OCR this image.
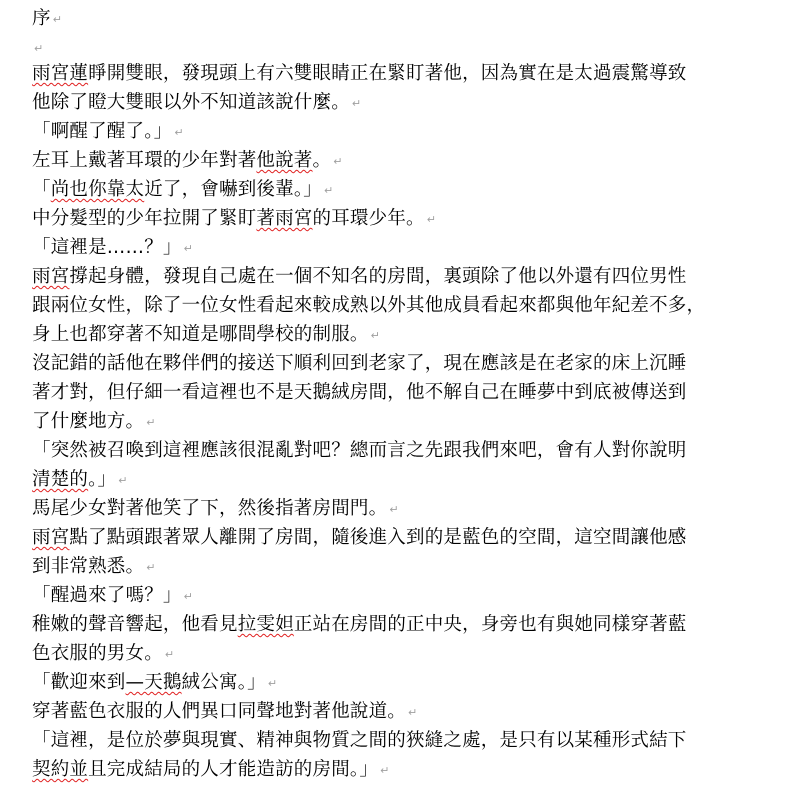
序 ↵
↵
雨宮蓮睜開雙眼，發現頭上有六雙眼睛正在緊盯著他，因為實在是太過震驚導致
他除了瞪大雙眼以外不知道該說什麼。 ↵
「啊醒了醒了。」 ↵
左耳上戴著耳環的少年對著他說著。 ↵
「尚也你靠太近了，會嚇到後輩。」 ↵
中分髮型的少年拉開了緊盯著雨宮的耳環少年。 ↵
「這裡是……？」 ↵
雨宮撐起身體，發現自己處在一個不知名的房間，裏頭除了他以外還有四位男性
跟兩位女性，除了一位女性看起來較成熟以外其他成員看起來都與他年紀差不多，
身上也都穿著不知道是哪間學校的制服。 ↵
沒記錯的話他在夥伴們的接送下順利回到老家了，現在應該是在老家的床上沉睡
著才對，但仔細一看這裡也不是天鵝絨房間，他不解自己在睡夢中到底被傳送到
了什麼地方。 ↵
「突然被召喚到這裡應該很混亂對吧？總而言之先跟我們來吧，會有人對你說明
清楚的。」 ↵
馬尾少女對著他笑了下，然後指著房間門。 ↵
雨宮點了點頭跟著眾人離開了房間，隨後進入到的是藍色的空間，這空間讓他感
到非常熟悉。 ↵
「醒過來了嗎？」 ↵
稚嫩的聲音響起，他看見拉雯妲正站在房間的正中央，身旁也有與她同樣穿著藍
色衣服的男女。 ↵
「歡迎來到—天鵝絨公寓。」 ↵
穿著藍色衣服的人們異口同聲地對著他說道。 ↵
「這裡，是位於夢與現實、精神與物質之間的狹縫之處，是只有以某種形式結下
契約並且完成結局的人才能造訪的房間。」 ↵
